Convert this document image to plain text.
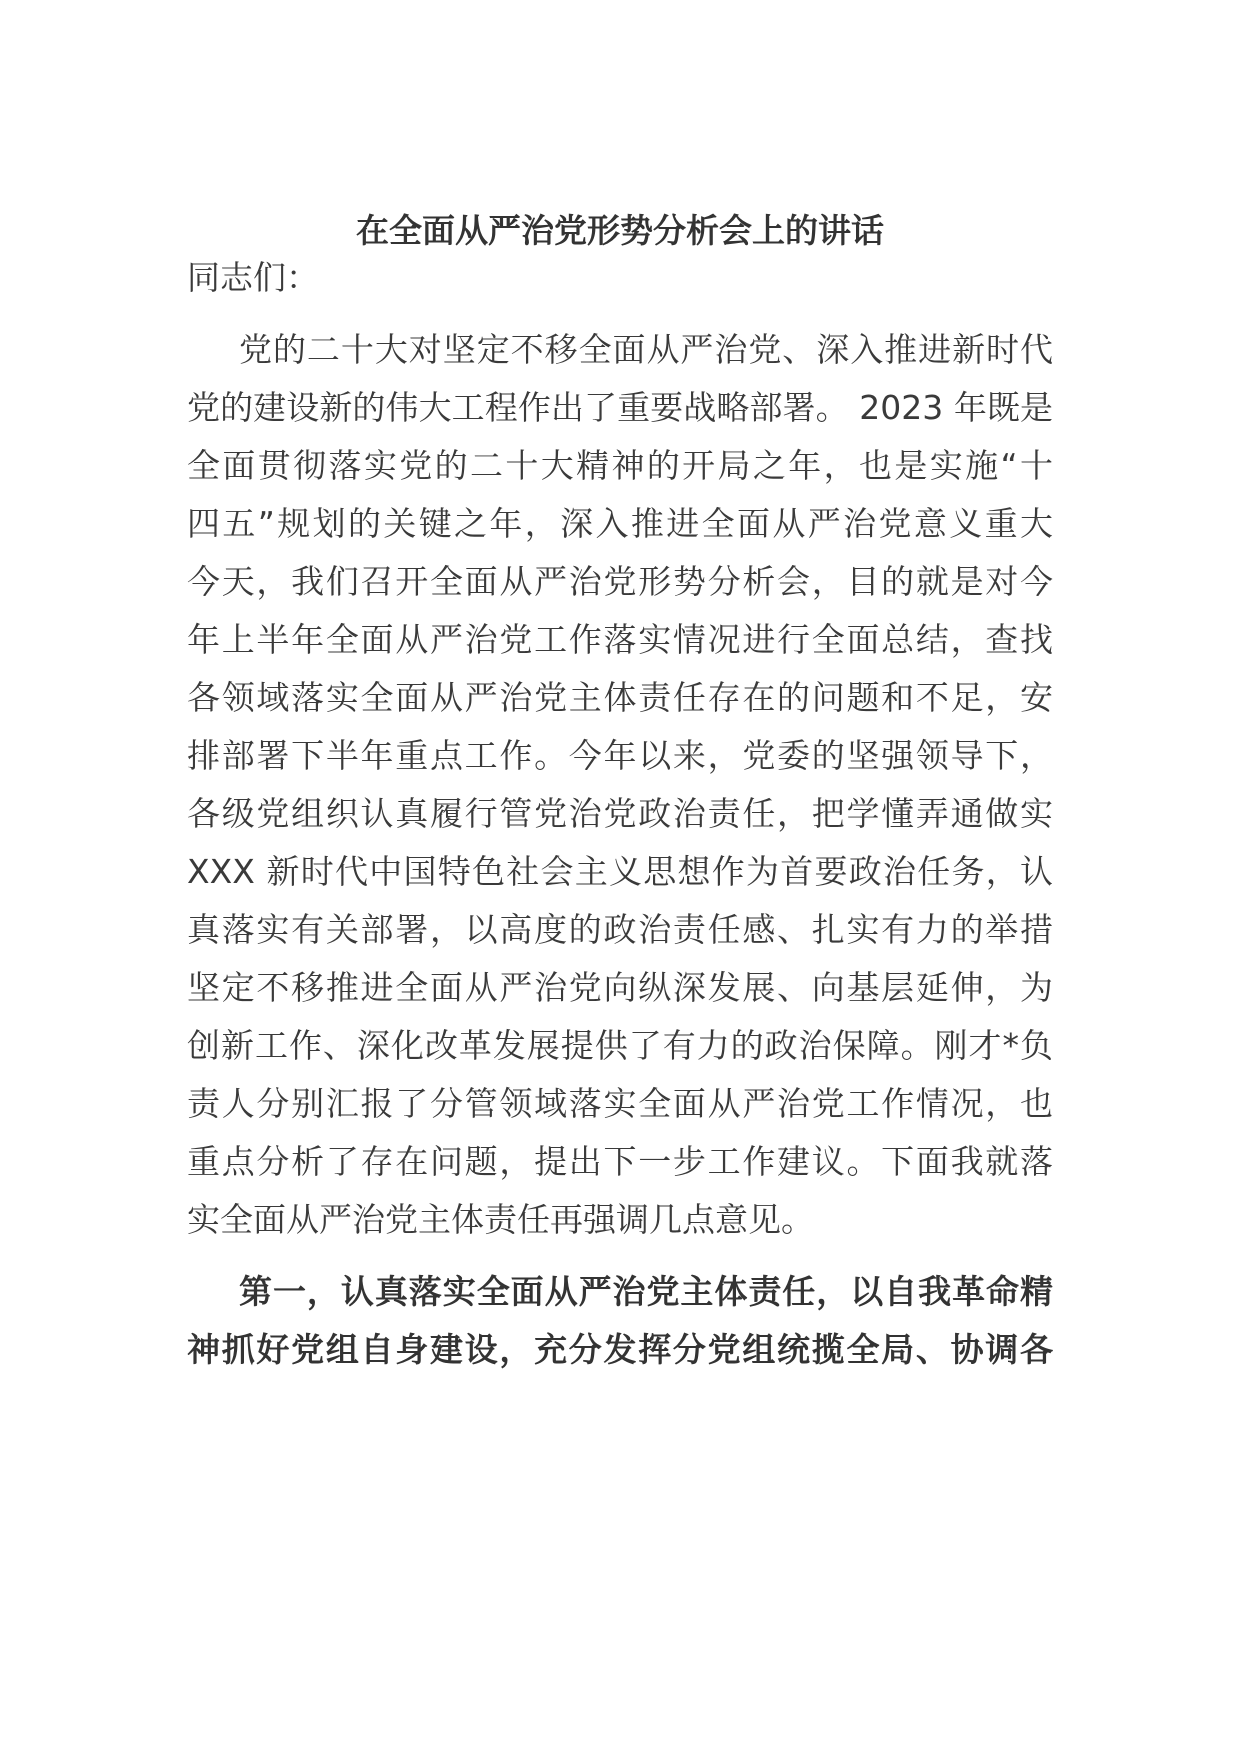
在全面从严治党形势分析会上的讲话

同志们：

党的二十大对坚定不移全面从严治党、深入推进新时代

党的建设新的伟大工程作出了重要战略部署。 2023 年既是

全面贯彻落实党的二十大精神的开局之年，也是实施“十

四五”规划的关键之年，深入推进全面从严治党意义重大

今天，我们召开全面从严治党形势分析会，目的就是对今

年上半年全面从严治党工作落实情况进行全面总结，查找

各领域落实全面从严治党主体责任存在的问题和不足，安

排部署下半年重点工作。今年以来，党委的坚强领导下，

各级党组织认真履行管党治党政治责任，把学懂弄通做实

XXX 新时代中国特色社会主义思想作为首要政治任务，认

真落实有关部署，以高度的政治责任感、扎实有力的举措

坚定不移推进全面从严治党向纵深发展、向基层延伸，为

创新工作、深化改革发展提供了有力的政治保障。刚才*负

责人分别汇报了分管领域落实全面从严治党工作情况，也

重点分析了存在问题，提出下一步工作建议。下面我就落

实全面从严治党主体责任再强调几点意见。

第一，认真落实全面从严治党主体责任，以自我革命精

神抓好党组自身建设，充分发挥分党组统揽全局、协调各
